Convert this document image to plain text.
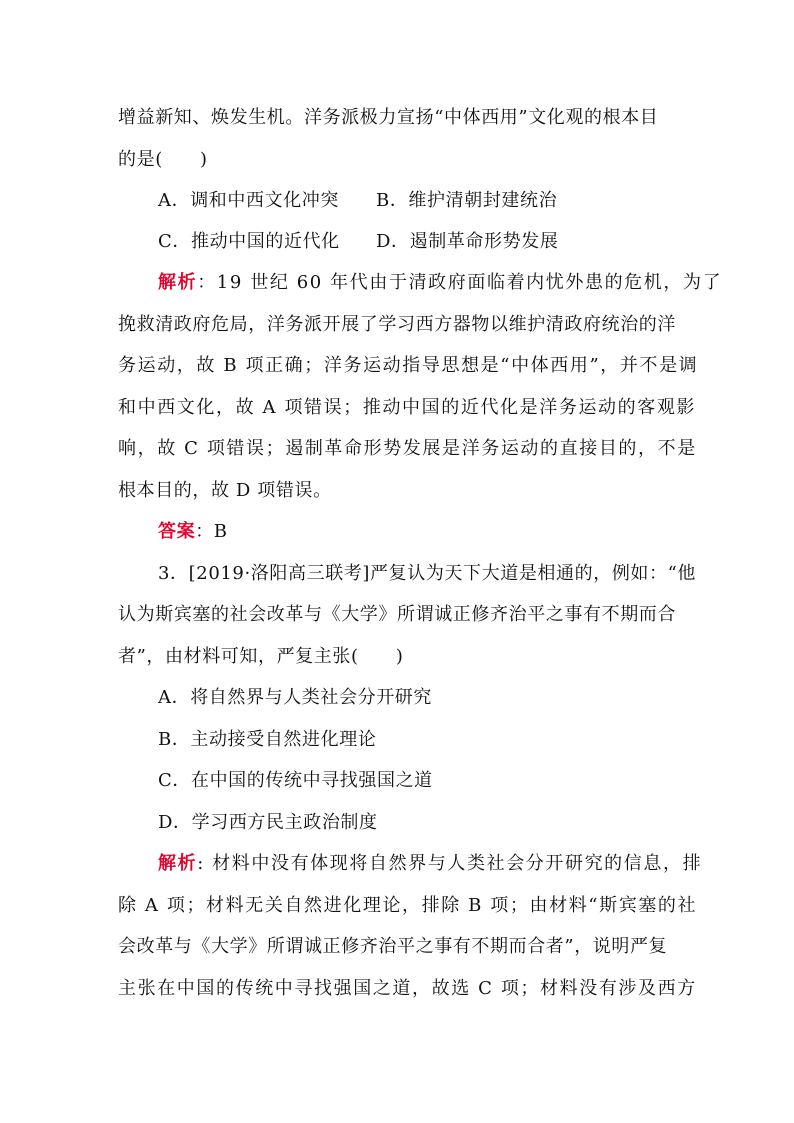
增益新知、焕发生机。洋务派极力宣扬“中体西用”文化观的根本目
的是(　　)
A．调和中西文化冲突 B．维护清朝封建统治
C．推动中国的近代化 D．遏制革命形势发展
解析：19 世纪 60 年代由于清政府面临着内忧外患的危机，为了
挽救清政府危局，洋务派开展了学习西方器物以维护清政府统治的洋
务运动，故 B 项正确；洋务运动指导思想是“中体西用”，并不是调
和中西文化，故 A 项错误；推动中国的近代化是洋务运动的客观影
响，故 C 项错误；遏制革命形势发展是洋务运动的直接目的，不是
根本目的，故 D 项错误。
答案：B
3．[2019·洛阳高三联考]严复认为天下大道是相通的，例如：“他
认为斯宾塞的社会改革与《大学》所谓诚正修齐治平之事有不期而合
者”，由材料可知，严复主张(　　)
A．将自然界与人类社会分开研究
B．主动接受自然进化理论
C．在中国的传统中寻找强国之道
D．学习西方民主政治制度
解析: 材料中没有体现将自然界与人类社会分开研究的信息，排
除 A 项；材料无关自然进化理论，排除 B 项；由材料“斯宾塞的社
会改革与《大学》所谓诚正修齐治平之事有不期而合者”，说明严复
主张在中国的传统中寻找强国之道，故选 C 项；材料没有涉及西方
